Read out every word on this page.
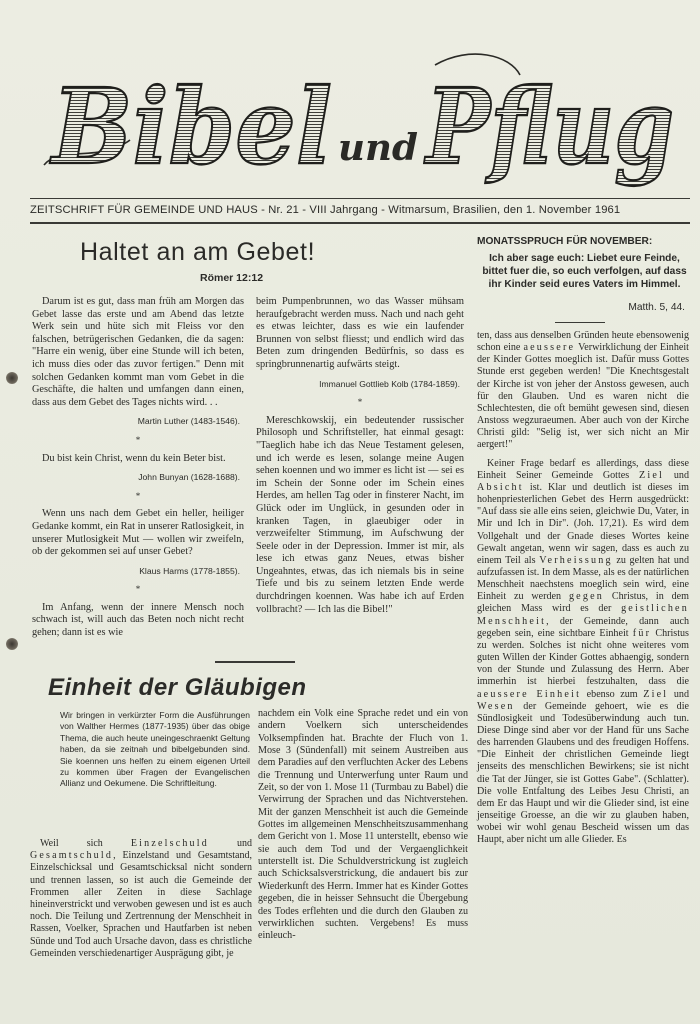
Bibel und Pflug
ZEITSCHRIFT FÜR GEMEINDE UND HAUS - Nr. 21 - VIII Jahrgang - Witmarsum, Brasilien, den 1. November 1961
Haltet an am Gebet!
Römer 12:12

Darum ist es gut, dass man früh am Morgen das Gebet lasse das erste und am Abend das letzte Werk sein und hüte sich mit Fleiss vor den falschen, betrügerischen Gedanken, die da sagen: "Harre ein wenig, über eine Stunde will ich beten, ich muss dies oder das zuvor fertigen." Denn mit solchen Gedanken kommt man vom Gebet in die Geschäfte, die halten und umfangen dann einen, dass aus dem Gebet des Tages nichts wird. . .

Martin Luther (1483-1546).
*

Du bist kein Christ, wenn du kein Beter bist.

John Bunyan (1628-1688).
*

Wenn uns nach dem Gebet ein heller, heiliger Gedanke kommt, ein Rat in unserer Ratlosigkeit, in unserer Mutlosigkeit Mut — wollen wir zweifeln, ob der gekommen sei auf unser Gebet?

Klaus Harms (1778-1855).
*

Im Anfang, wenn der innere Mensch noch schwach ist, will auch das Beten noch nicht recht gehen; dann ist es wie

beim Pumpenbrunnen, wo das Wasser mühsam heraufgebracht werden muss. Nach und nach geht es etwas leichter, dass es wie ein laufender Brunnen von selbst fliesst; und endlich wird das Beten zum dringenden Bedürfnis, so dass es springbrunnenartig aufwärts steigt.

Immanuel Gottlieb Kolb (1784-1859).
*

Mereschkowskij, ein bedeutender russischer Philosoph und Schriftsteller, hat einmal gesagt: "Taeglich habe ich das Neue Testament gelesen, und ich werde es lesen, solange meine Augen sehen koennen und wo immer es licht ist — sei es im Schein der Sonne oder im Schein eines Herdes, am hellen Tag oder in finsterer Nacht, im Glück oder im Unglück, in gesunden oder in kranken Tagen, in glaeubiger oder in verzweifelter Stimmung, im Aufschwung der Seele oder in der Depression. Immer ist mir, als lese ich etwas ganz Neues, etwas bisher Ungeahntes, etwas, das ich niemals bis in seine Tiefe und bis zu seinem letzten Ende werde durchdringen koennen. Was habe ich auf Erden vollbracht? — Ich las die Bibel!"

MONATSSPRUCH FÜR NOVEMBER:
Ich aber sage euch: Liebet eure Feinde, bittet fuer die, so euch verfolgen, auf dass ihr Kinder seid eures Vaters im Himmel.
Matth. 5, 44.

ten, dass aus denselben Gründen heute ebensowenig schon eine aeussere Verwirklichung der Einheit der Kinder Gottes moeglich ist. Dafür muss Gottes Stunde erst gegeben werden! "Die Knechtsgestalt der Kirche ist von jeher der Anstoss gewesen, auch für den Glauben. Und es waren nicht die Schlechtesten, die oft bemüht gewesen sind, diesen Anstoss wegzuraeumen. Aber auch von der Kirche Christi gild: "Selig ist, wer sich nicht an Mir aergert!"

Keiner Frage bedarf es allerdings, dass diese Einheit Seiner Gemeinde Gottes Ziel und Absicht ist. Klar und deutlich ist dieses im hohenpriesterlichen Gebet des Herrn ausgedrückt: "Auf dass sie alle eins seien, gleichwie Du, Vater, in Mir und Ich in Dir". (Joh. 17,21). Es wird dem Vollgehalt und der Gnade dieses Wortes keine Gewalt angetan, wenn wir sagen, dass es auch zu einem Teil als Verheissung zu gelten hat und aufzufassen ist. In dem Masse, als es der natürlichen Menschheit naechstens moeglich sein wird, eine Einheit zu werden gegen Christus, in dem gleichen Mass wird es der geistlichen Menschheit, der Gemeinde, dann auch gegeben sein, eine sichtbare Einheit für Christus zu werden. Solches ist nicht ohne weiteres vom guten Willen der Kinder Gottes abhaengig, sondern von der Stunde und Zulassung des Herrn. Aber immerhin ist hierbei festzuhalten, dass die aeussere Einheit ebenso zum Ziel und Wesen der Gemeinde gehoert, wie es die Sündlosigkeit und Todesüberwindung auch tun. Diese Dinge sind aber vor der Hand für uns Sache des harrenden Glaubens und des freudigen Hoffens. "Die Einheit der christlichen Gemeinde liegt jenseits des menschlichen Bewirkens; sie ist nicht die Tat der Jünger, sie ist Gottes Gabe". (Schlatter). Die volle Entfaltung des Leibes Jesu Christi, an dem Er das Haupt und wir die Glieder sind, ist eine jenseitige Groesse, an die wir zu glauben haben, wobei wir wohl genau Bescheid wissen um das Haupt, aber nicht um alle Glieder. Es

Einheit der Gläubigen
Wir bringen in verkürzter Form die Ausführungen von Walther Hermes (1877-1935) über das obige Thema, die auch heute uneingeschraenkt Geltung haben, da sie zeitnah und bibelgebunden sind. Sie koennen uns helfen zu einem eigenen Urteil zu kommen über Fragen der Evangelischen Allianz und Oekumene. Die Schriftleitung.

Weil sich Einzelschuld und Gesamtschuld, Einzelstand und Gesamtstand, Einzelschicksal und Gesamtschicksal nicht sondern und trennen lassen, so ist auch die Gemeinde der Frommen aller Zeiten in diese Sachlage hineinverstrickt und verwoben gewesen und ist es auch noch. Die Teilung und Zertrennung der Menschheit in Rassen, Voelker, Sprachen und Hautfarben ist neben Sünde und Tod auch Ursache davon, dass es christliche Gemeinden verschiedenartiger Ausprägung gibt, je

nachdem ein Volk eine Sprache redet und ein von andern Voelkern sich unterscheidendes Volksempfinden hat. Brachte der Fluch von 1. Mose 3 (Sündenfall) mit seinem Austreiben aus dem Paradies auf den verfluchten Acker des Lebens die Trennung und Unterwerfung unter Raum und Zeit, so der von 1. Mose 11 (Turmbau zu Babel) die Verwirrung der Sprachen und das Nichtverstehen. Mit der ganzen Menschheit ist auch die Gemeinde Gottes im allgemeinen Menschheitszusammenhang dem Gericht von 1. Mose 11 unterstellt, ebenso wie sie auch dem Tod und der Vergaenglichkeit unterstellt ist. Die Schuldverstrickung ist zugleich auch Schicksalsverstrickung, die andauert bis zur Wiederkunft des Herrn. Immer hat es Kinder Gottes gegeben, die in heisser Sehnsucht die Übergebung des Todes erflehten und die durch den Glauben zu verwirklichen suchten. Vergebens! Es muss einleuch-
